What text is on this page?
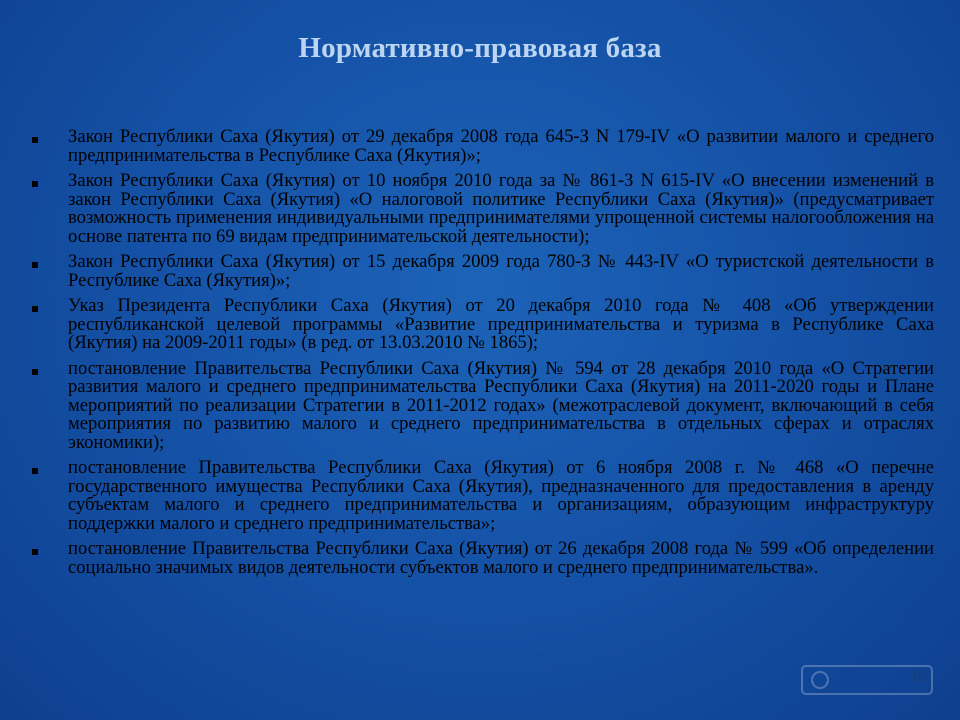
Нормативно-правовая база
Закон Республики Саха (Якутия) от 29 декабря 2008 года 645-З N 179-IV «О развитии малого и среднего предпринимательства в Республике Саха (Якутия)»;
Закон Республики Саха (Якутия) от 10 ноября 2010 года за № 861-З N 615-IV «О внесении изменений в закон Республики Саха (Якутия) «О налоговой политике Республики Саха (Якутия)» (предусматривает возможность применения индивидуальными предпринимателями упрощенной системы налогообложения на основе патента по 69 видам предпринимательской деятельности);
Закон Республики Саха (Якутия) от 15 декабря 2009 года 780-З № 443-IV «О туристской деятельности в Республике Саха (Якутия)»;
Указ Президента Республики Саха (Якутия) от 20 декабря 2010 года № 408 «Об утверждении республиканской целевой программы «Развитие предпринимательства и туризма в Республике Саха (Якутия) на 2009-2011 годы» (в ред. от 13.03.2010 № 1865);
постановление Правительства Республики Саха (Якутия) № 594 от 28 декабря 2010 года «О Стратегии развития малого и среднего предпринимательства Республики Саха (Якутия) на 2011-2020 годы и Плане мероприятий по реализации Стратегии в 2011-2012 годах» (межотраслевой документ, включающий в себя мероприятия по развитию малого и среднего предпринимательства в отдельных сферах и отраслях экономики);
постановление Правительства Республики Саха (Якутия) от 6 ноября 2008 г. № 468 «О перечне государственного имущества Республики Саха (Якутия), предназначенного для предоставления в аренду субъектам малого и среднего предпринимательства и организациям, образующим инфраструктуру поддержки малого и среднего предпринимательства»;
постановление Правительства Республики Саха (Якутия) от 26 декабря 2008 года № 599 «Об определении социально значимых видов деятельности субъектов малого и среднего предпринимательства».
15
